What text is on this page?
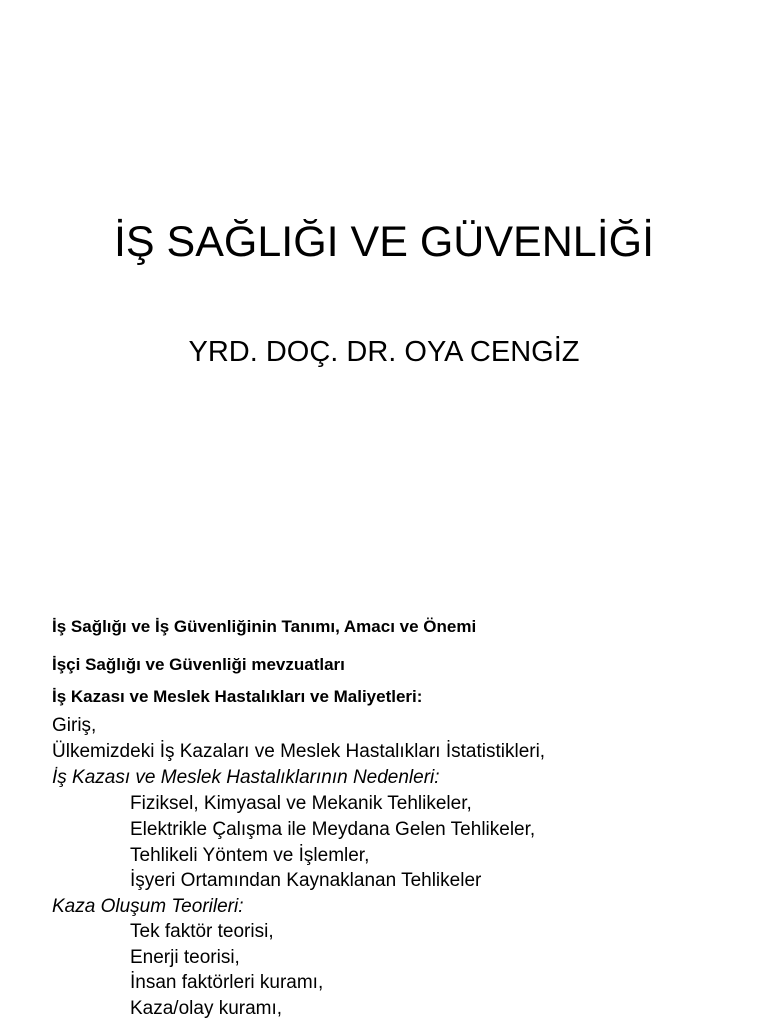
İŞ SAĞLIĞI VE GÜVENLİĞİ
YRD. DOÇ. DR. OYA CENGİZ
İş Sağlığı ve İş Güvenliğinin Tanımı, Amacı ve Önemi
İşçi Sağlığı ve Güvenliği mevzuatları
İş Kazası ve Meslek Hastalıkları ve Maliyetleri:
Giriş,
Ülkemizdeki İş Kazaları ve Meslek Hastalıkları İstatistikleri,
İş Kazası ve Meslek Hastalıklarının Nedenleri:
Fiziksel, Kimyasal ve Mekanik Tehlikeler,
Elektrikle Çalışma ile Meydana Gelen Tehlikeler,
Tehlikeli Yöntem ve İşlemler,
İşyeri Ortamından Kaynaklanan Tehlikeler
Kaza Oluşum Teorileri:
Tek faktör teorisi,
Enerji teorisi,
İnsan faktörleri kuramı,
Kaza/olay kuramı,
